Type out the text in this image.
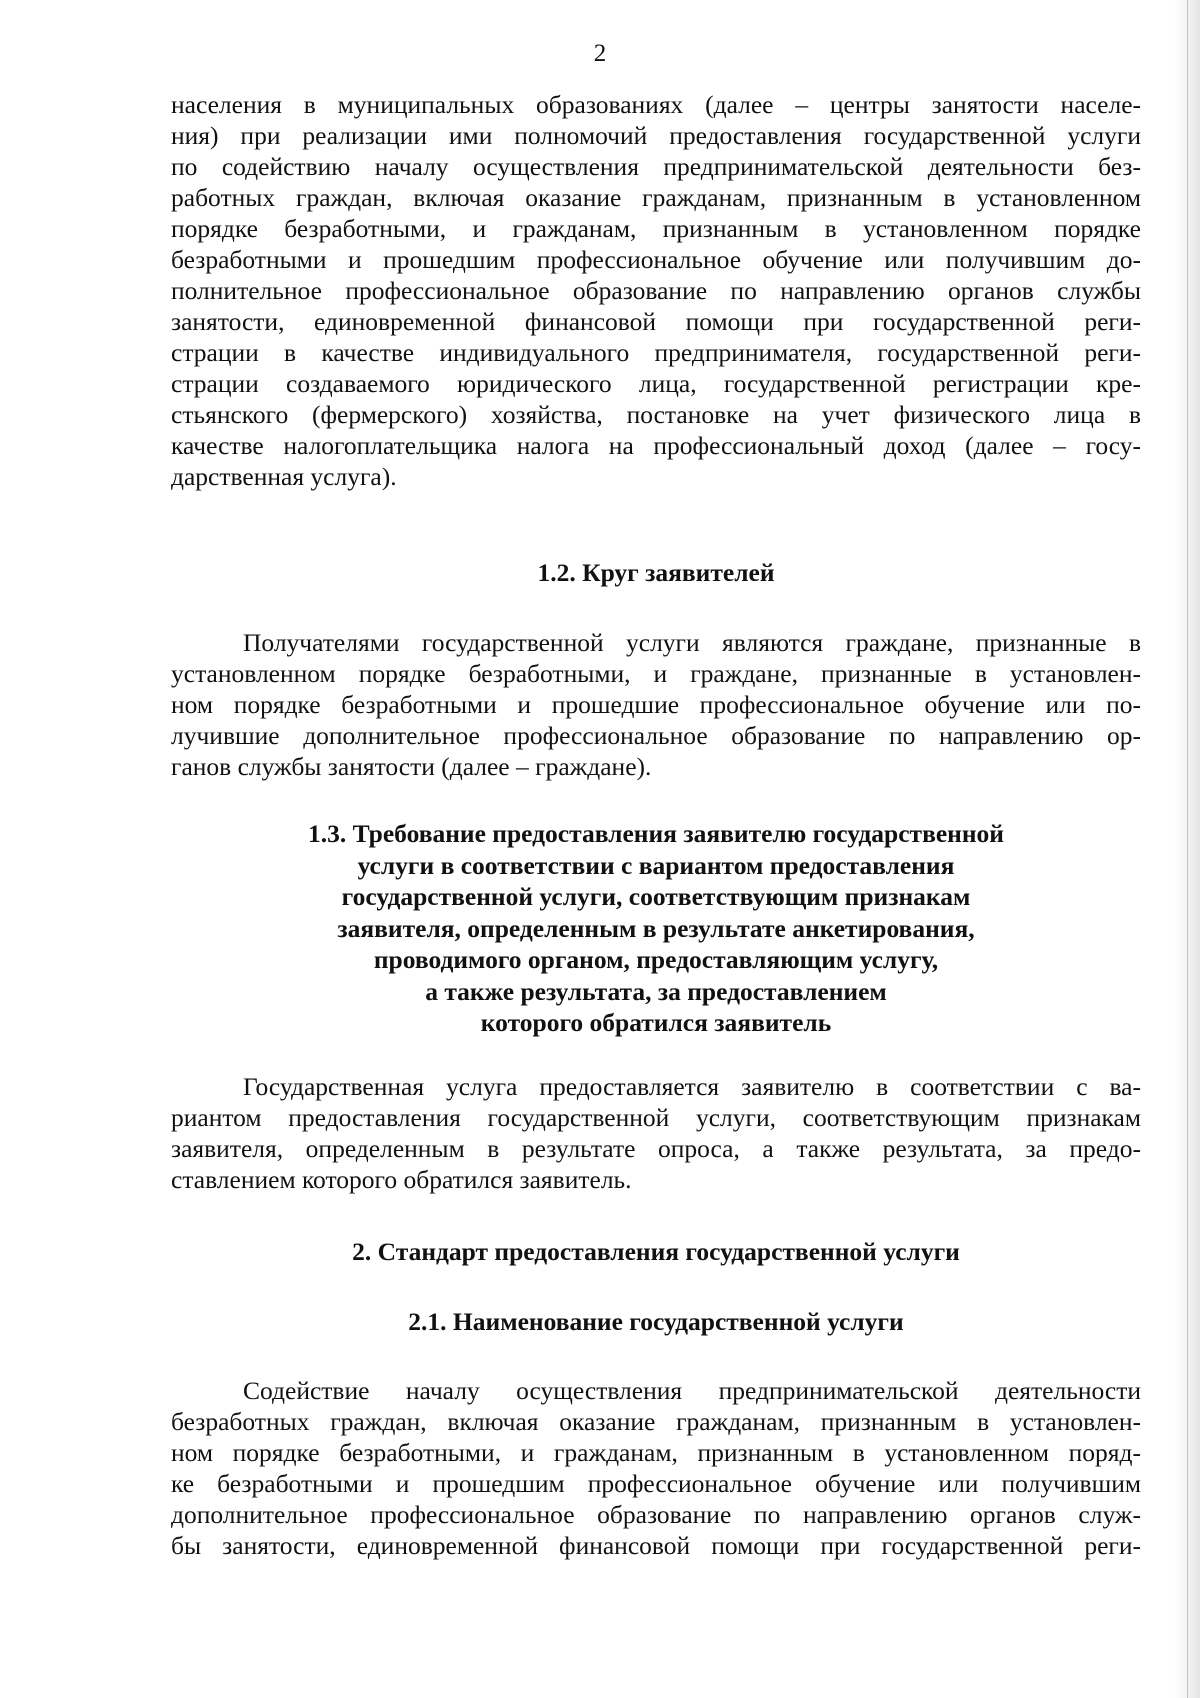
2
населения в муниципальных образованиях (далее – центры занятости населе-
ния) при реализации ими полномочий предоставления государственной услуги
по содействию началу осуществления предпринимательской деятельности без-
работных граждан, включая оказание гражданам, признанным в установленном
порядке безработными, и гражданам, признанным в установленном порядке
безработными и прошедшим профессиональное обучение или получившим до-
полнительное профессиональное образование по направлению органов службы
занятости, единовременной финансовой помощи при государственной реги-
страции в качестве индивидуального предпринимателя, государственной реги-
страции создаваемого юридического лица, государственной регистрации кре-
стьянского (фермерского) хозяйства, постановке на учет физического лица в
качестве налогоплательщика налога на профессиональный доход (далее – госу-
дарственная услуга).
1.2. Круг заявителей
Получателями государственной услуги являются граждане, признанные в
установленном порядке безработными, и граждане, признанные в установлен-
ном порядке безработными и прошедшие профессиональное обучение или по-
лучившие дополнительное профессиональное образование по направлению ор-
ганов службы занятости (далее – граждане).
1.3. Требование предоставления заявителю государственной
услуги в соответствии с вариантом предоставления
государственной услуги, соответствующим признакам
заявителя, определенным в результате анкетирования,
проводимого органом, предоставляющим услугу,
а также результата, за предоставлением
которого обратился заявитель
Государственная услуга предоставляется заявителю в соответствии с ва-
риантом предоставления государственной услуги, соответствующим признакам
заявителя, определенным в результате опроса, а также результата, за предо-
ставлением которого обратился заявитель.
2. Стандарт предоставления государственной услуги
2.1. Наименование государственной услуги
Содействие началу осуществления предпринимательской деятельности
безработных граждан, включая оказание гражданам, признанным в установлен-
ном порядке безработными, и гражданам, признанным в установленном поряд-
ке безработными и прошедшим профессиональное обучение или получившим
дополнительное профессиональное образование по направлению органов служ-
бы занятости, единовременной финансовой помощи при государственной реги-
